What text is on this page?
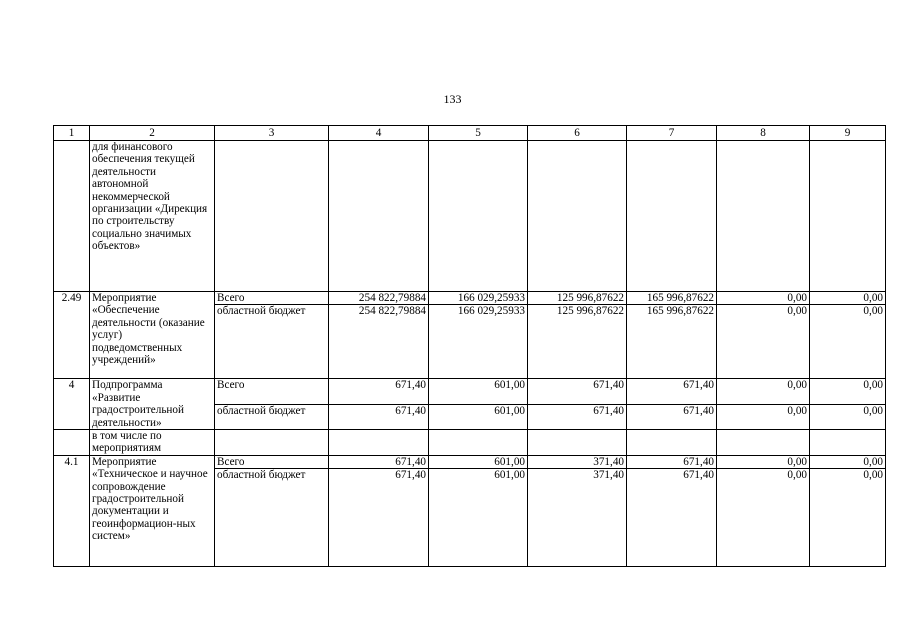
133
1	2	3	4	5	6	7	8	9
	для финансового обеспечения текущей деятельности автономной некоммерческой организации «Дирекция по строительству социально значимых объектов»							
2.49	Мероприятие «Обеспечение деятельности (оказание услуг) подведомственных учреждений»	Всего	254 822,79884	166 029,25933	125 996,87622	165 996,87622	0,00	0,00
		областной бюджет	254 822,79884	166 029,25933	125 996,87622	165 996,87622	0,00	0,00
4	Подпрограмма «Развитие градостроительной деятельности»	Всего	671,40	601,00	671,40	671,40	0,00	0,00
		областной бюджет	671,40	601,00	671,40	671,40	0,00	0,00
	в том числе по мероприятиям							
4.1	Мероприятие «Техническое и научное сопровождение градостроительной документации и геоинформацион-ных систем»	Всего	671,40	601,00	371,40	671,40	0,00	0,00
		областной бюджет	671,40	601,00	371,40	671,40	0,00	0,00
